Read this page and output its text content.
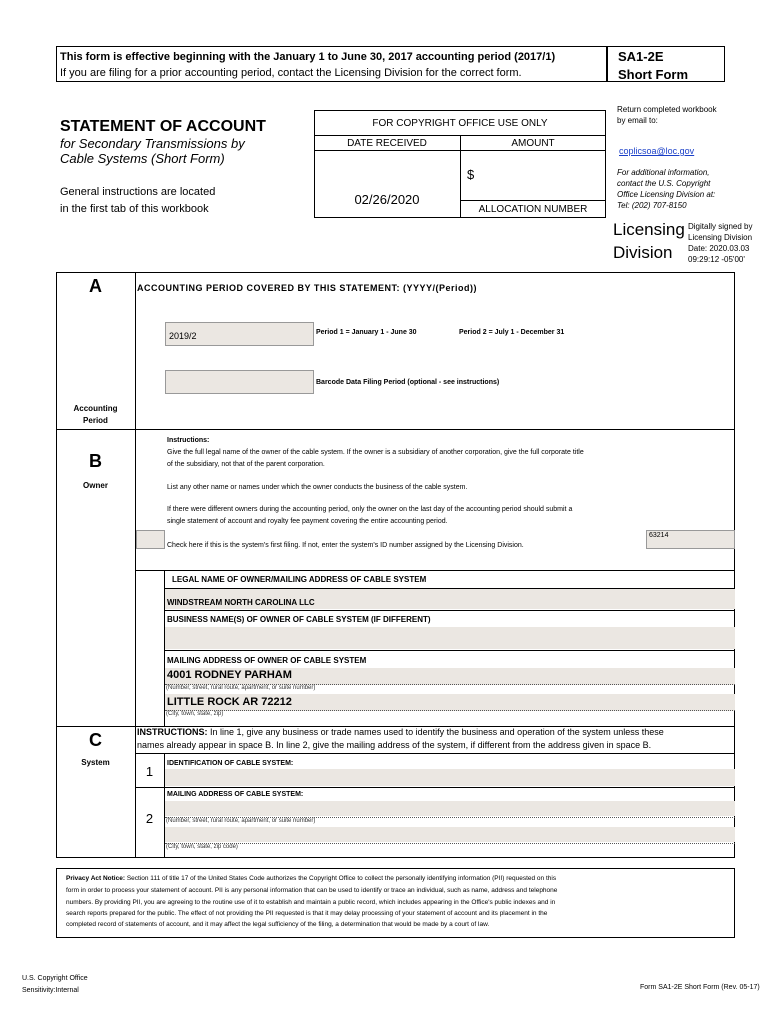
This form is effective beginning with the January 1 to June 30, 2017 accounting period (2017/1)
If you are filing for a prior accounting period, contact the Licensing Division for the correct form.
SA1-2E
Short Form
STATEMENT OF ACCOUNT
for Secondary Transmissions by
Cable Systems (Short Form)
General instructions are located
in the first tab of this workbook
FOR COPYRIGHT OFFICE USE ONLY
DATE RECEIVED	AMOUNT
02/26/2020
$
ALLOCATION NUMBER
Return completed workbook
by email to:
coplicsoa@loc.gov
For additional information,
contact the U.S. Copyright
Office Licensing Division at:
Tel: (202) 707-8150
Licensing
Division
Digitally signed by
Licensing Division
Date: 2020.03.03
09:29:12 -05'00'
A
Accounting
Period
ACCOUNTING PERIOD COVERED BY THIS STATEMENT: (YYYY/(Period))
2019/2	Period 1 = January 1 - June 30	Period 2 = July 1 - December 31
Barcode Data Filing Period (optional - see instructions)
B
Owner
Instructions:
Give the full legal name of the owner of the cable system. If the owner is a subsidiary of another corporation, give the full corporate title
of the subsidiary, not that of the parent corporation.
List any other name or names under which the owner conducts the business of the cable system.
If there were different owners during the accounting period, only the owner on the last day of the accounting period should submit a
single statement of account and royalty fee payment covering the entire accounting period.
Check here if this is the system's first filing. If not, enter the system's ID number assigned by the Licensing Division.
63214
LEGAL NAME OF OWNER/MAILING ADDRESS OF CABLE SYSTEM
WINDSTREAM NORTH CAROLINA LLC
BUSINESS NAME(S) OF OWNER OF CABLE SYSTEM (IF DIFFERENT)
MAILING ADDRESS OF OWNER OF CABLE SYSTEM
4001 RODNEY PARHAM
(Number, street, rural route, apartment, or suite number)
LITTLE ROCK AR 72212
(City, town, state, zip)
C
System
INSTRUCTIONS: In line 1, give any business or trade names used to identify the business and operation of the system unless these
names already appear in space B. In line 2, give the mailing address of the system, if different from the address given in space B.
1
IDENTIFICATION OF CABLE SYSTEM:
MAILING ADDRESS OF CABLE SYSTEM:
2	(Number, street, rural route, apartment, or suite number)
(City, town, state, zip code)
Privacy Act Notice: Section 111 of title 17 of the United States Code authorizes the Copyright Office to collect the personally identifying information (PII) requested on this
form in order to process your statement of account. PII is any personal information that can be used to identify or trace an individual, such as name, address and telephone
numbers. By providing PII, you are agreeing to the routine use of it to establish and maintain a public record, which includes appearing in the Office's public indexes and in
search reports prepared for the public. The effect of not providing the PII requested is that it may delay processing of your statement of account and its placement in the
completed record of statements of account, and it may affect the legal sufficiency of the filing, a determination that would be made by a court of law.
U.S. Copyright Office
Sensitivity:Internal	Form SA1-2E Short Form (Rev. 05-17)
